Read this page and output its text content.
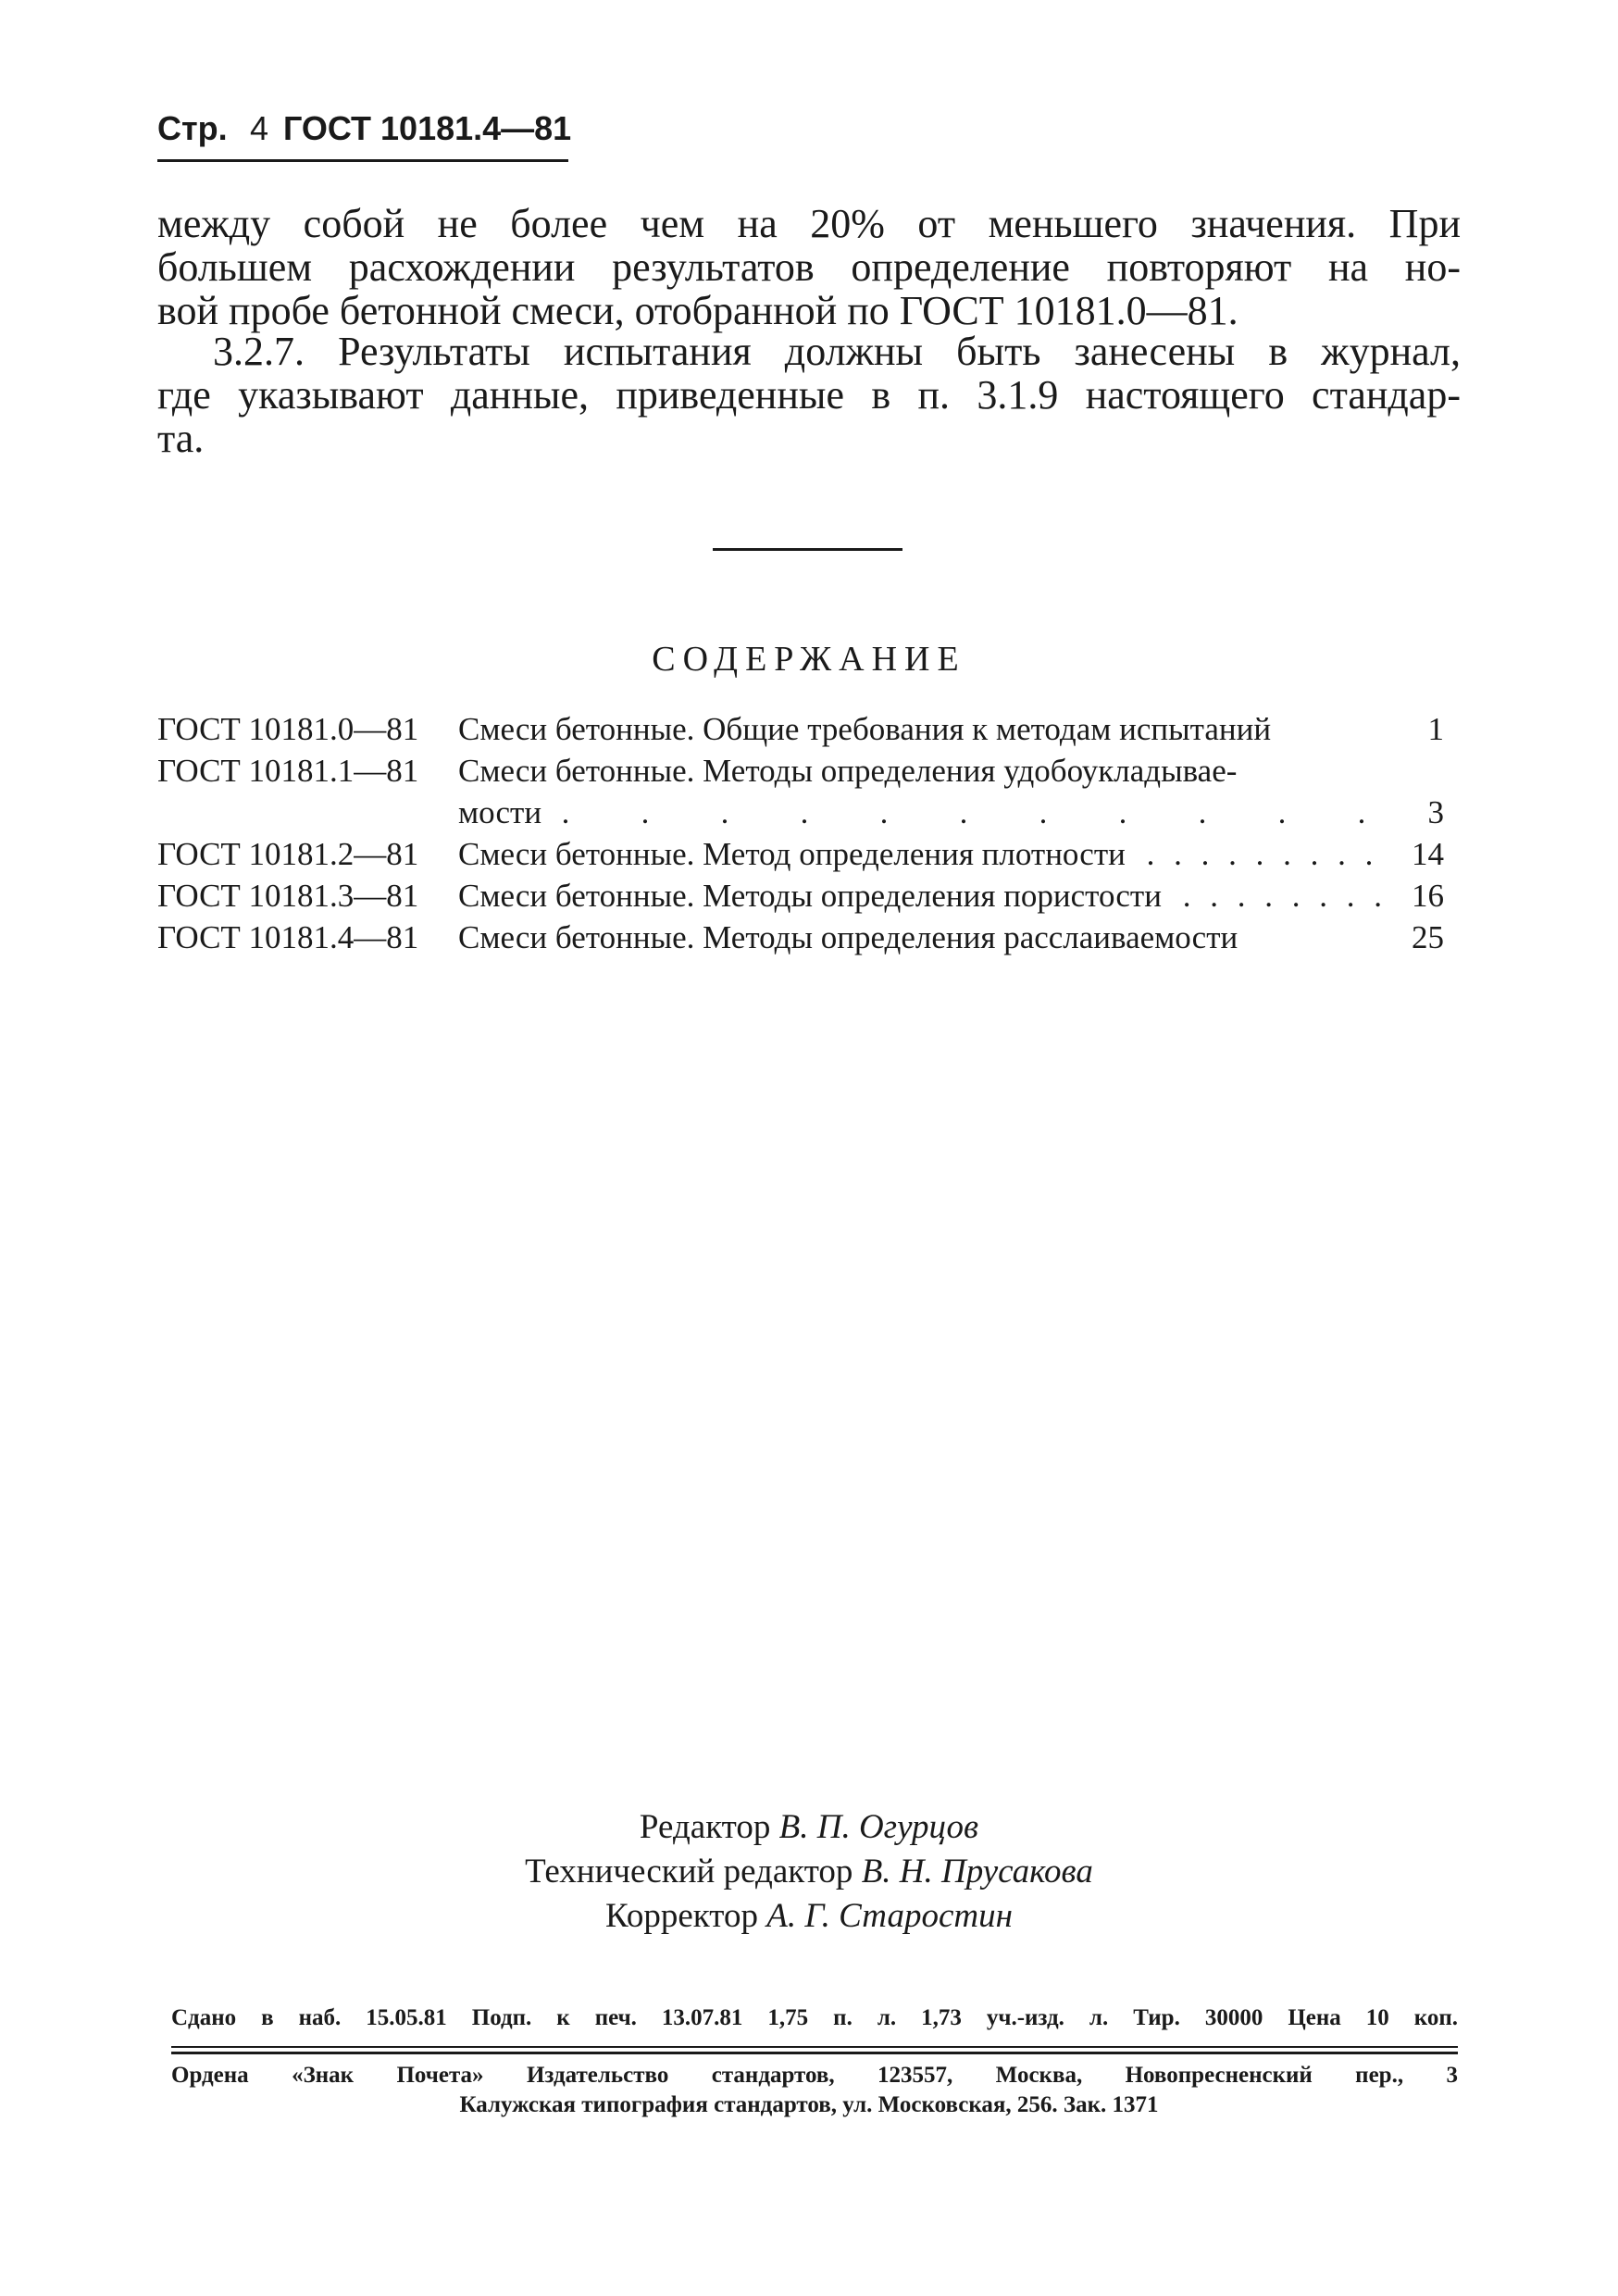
Стр. 4 ГОСТ 10181.4—81
между собой не более чем на 20% от меньшего значения. При
большем расхождении результатов определение повторяют на но-
вой пробе бетонной смеси, отобранной по ГОСТ 10181.0—81.
3.2.7. Результаты испытания должны быть занесены в журнал,
где указывают данные, приведенные в п. 3.1.9 настоящего стандар-
та.
СОДЕРЖАНИЕ
ГОСТ 10181.0—81 Смеси бетонные. Общие требования к методам испытаний	1
ГОСТ 10181.1—81 Смеси бетонные. Методы определения удобоукладывае-
мости .	3
ГОСТ 10181.2—81 Смеси бетонные. Метод определения плотности . .	14
ГОСТ 10181.3—81 Смеси бетонные. Методы определения пористости . .	16
ГОСТ 10181.4—81 Смеси бетонные. Методы определения расслаиваемости	25
Редактор В. П. Огурцов
Технический редактор В. Н. Прусакова
Корректор А. Г. Старостин
Сдано в наб. 15.05.81 Подп. к печ. 13.07.81 1,75 п. л. 1,73 уч.-изд. л. Тир. 30000 Цена 10 коп.
Ордена «Знак Почета» Издательство стандартов, 123557, Москва, Новопресненский пер., 3
Калужская типография стандартов, ул. Московская, 256. Зак. 1371
